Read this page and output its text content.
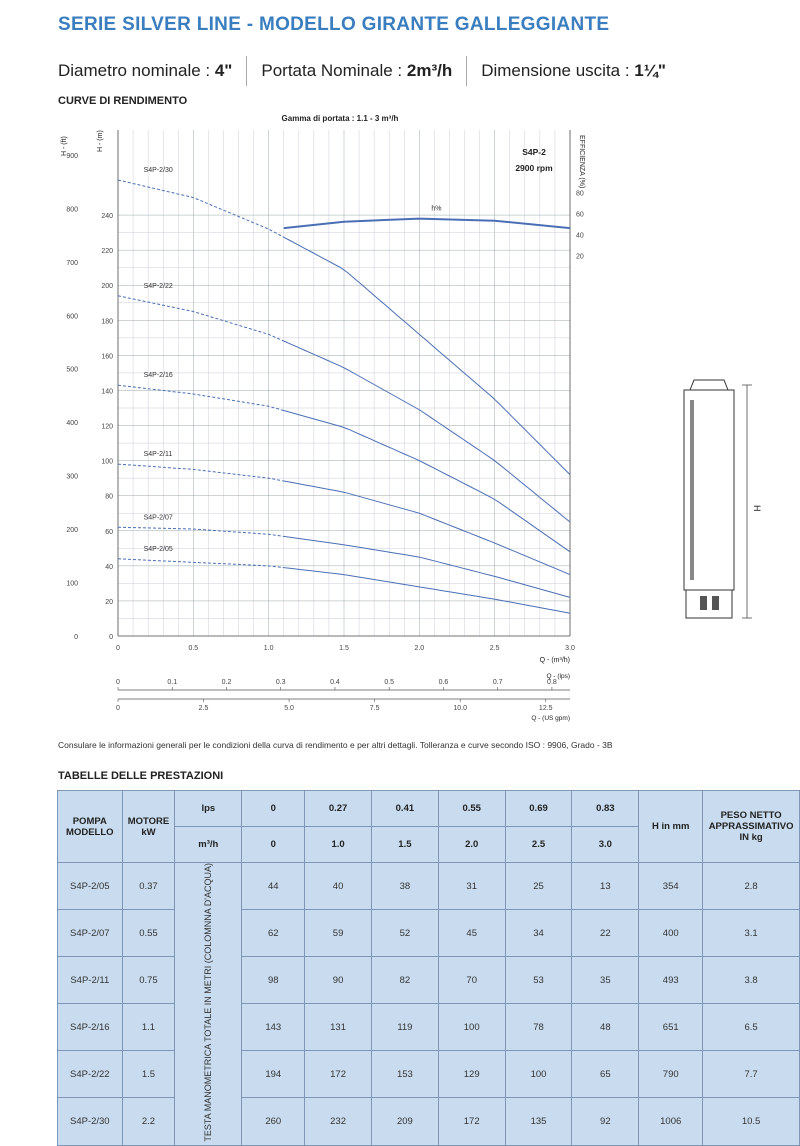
SERIE SILVER LINE - MODELLO GIRANTE GALLEGGIANTE
Diametro nominale : 4" Portata Nominale : 2m³/h Dimensione uscita : 1¼"
CURVE DI RENDIMENTO
0
20
40
60
80
100
120
140
160
180
200
220
240
0
100
200
300
400
500
600
700
800
900
20
40
60
80
0	0.5	1.0	1.5	2.0	2.5	3.0
Q - (m³/h)
H - (m)
H - (ft)	EFFICIENZA (%)
Gamma di portata : 1.1 - 3 m³/h
S4P-2
2900 rpm
S4P-2/05
S4P-2/07
S4P-2/11
S4P-2/16
S4P-2/22
S4P-2/30
h%
0	0.1	0.2	0.3	0.4	0.5	0.6	0.7	0.8
Q - (lps)
0	2.5	5.0	7.5	10.0	12.5
Q - (US gpm)
H
Consulare le informazioni generali per le condizioni della curva di rendimento e per altri dettagli. Tolleranza e curve secondo ISO : 9906, Grado - 3B
TABELLE DELLE PRESTAZIONI
POMPA MODELLO	MOTORE kW	lps	0	0.27	0.41	0.55	0.69	0.83	H in mm	PESO NETTO APPRASSIMATIVO IN kg
		m³/h	0	1.0	1.5	2.0	2.5	3.0		
S4P-2/05	0.37	TESTA MANOMETRICA TOTALE IN METRI (COLOMNNA D'ACQUA)	44	40	38	31	25	13	354	2.8
S4P-2/07	0.55		62	59	52	45	34	22	400	3.1
S4P-2/11	0.75		98	90	82	70	53	35	493	3.8
S4P-2/16	1.1		143	131	119	100	78	48	651	6.5
S4P-2/22	1.5		194	172	153	129	100	65	790	7.7
S4P-2/30	2.2		260	232	209	172	135	92	1006	10.5
